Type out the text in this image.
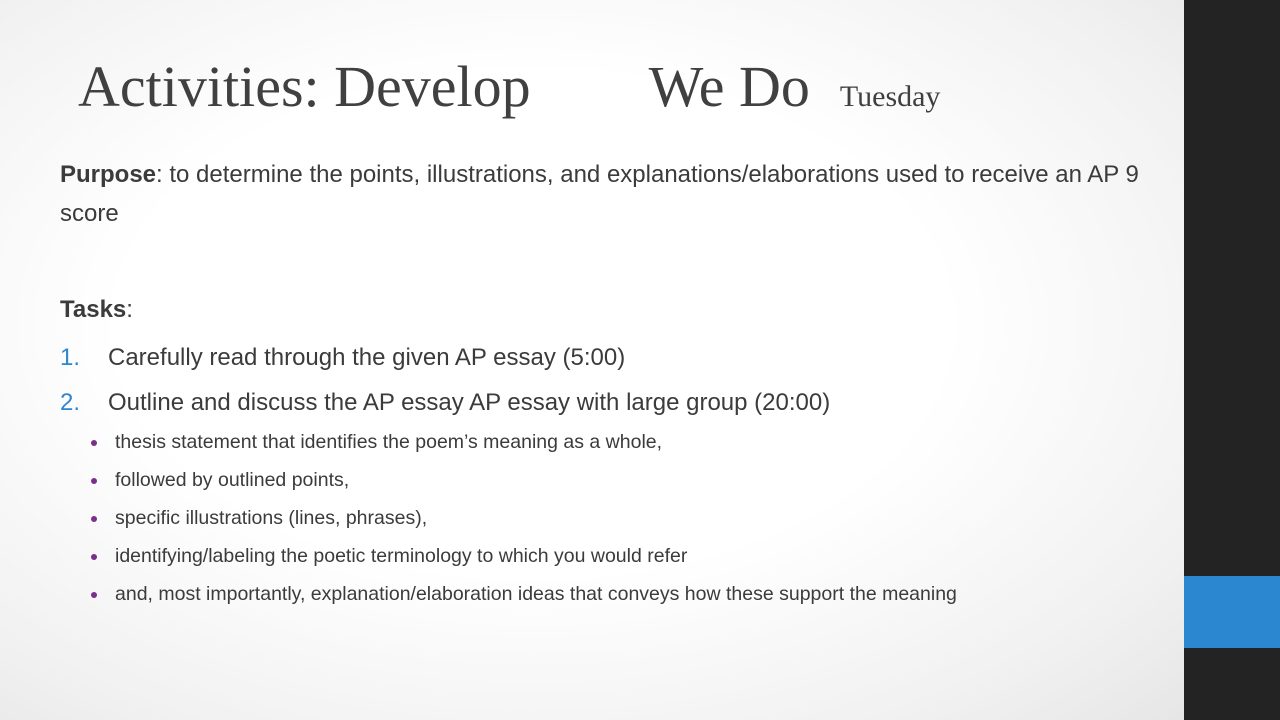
Activities: Develop We Do Tuesday

Purpose: to determine the points, illustrations, and explanations/elaborations used to receive an AP 9 score

Tasks:

1. Carefully read through the given AP essay (5:00)
2. Outline and discuss the AP essay AP essay with large group (20:00)
thesis statement that identifies the poem’s meaning as a whole,
followed by outlined points,
specific illustrations (lines, phrases),
identifying/labeling the poetic terminology to which you would refer
and, most importantly, explanation/elaboration ideas that conveys how these support the meaning
